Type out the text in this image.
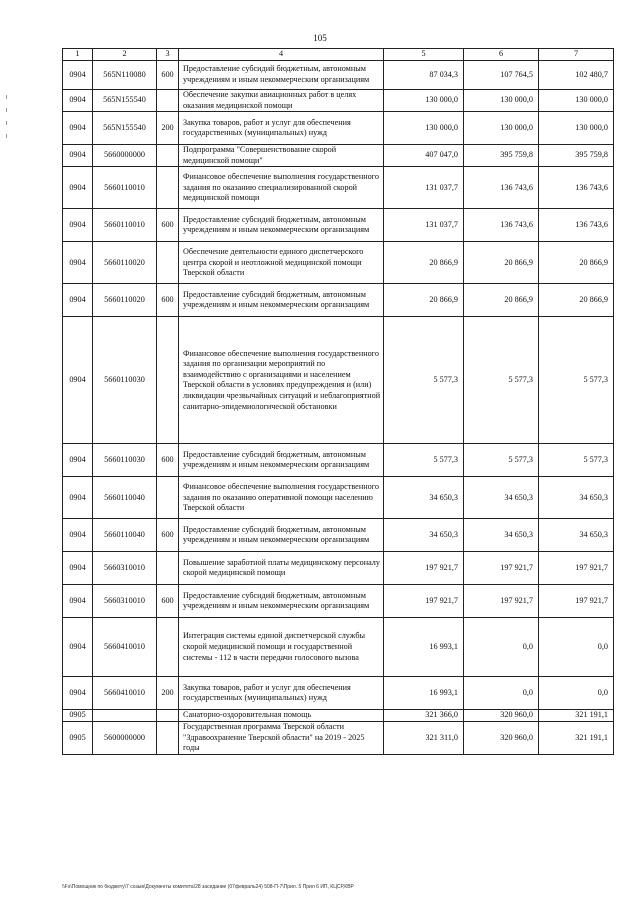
105
1	2	3	4	5	6	7
0904	565N110080	600	Предоставление субсидий бюджетным, автономным учреждениям и иным некоммерческим организациям	87 034,3	107 764,5	102 480,7
0904	565N155540		Обеспечение закупки авиационных работ в целях оказания медицинской помощи	130 000,0	130 000,0	130 000,0
0904	565N155540	200	Закупка товаров, работ и услуг для обеспечения государственных (муниципальных) нужд	130 000,0	130 000,0	130 000,0
0904	5660000000		Подпрограмма "Совершенствование скорой медицинской помощи"	407 047,0	395 759,8	395 759,8
0904	5660110010		Финансовое обеспечение выполнения государственного задания по оказанию специализированной скорой медицинской помощи	131 037,7	136 743,6	136 743,6
0904	5660110010	600	Предоставление субсидий бюджетным, автономным учреждениям и иным некоммерческим организациям	131 037,7	136 743,6	136 743,6
0904	5660110020		Обеспечение деятельности единого диспетчерского центра скорой и неотложной медицинской помощи Тверской области	20 866,9	20 866,9	20 866,9
0904	5660110020	600	Предоставление субсидий бюджетным, автономным учреждениям и иным некоммерческим организациям	20 866,9	20 866,9	20 866,9
0904	5660110030		Финансовое обеспечение выполнения государственного задания по организации мероприятий по взаимодействию с организациями и населением Тверской области в условиях предупреждения и (или) ликвидации чрезвычайных ситуаций и неблагоприятной санитарно-эпидемиологической обстановки	5 577,3	5 577,3	5 577,3
0904	5660110030	600	Предоставление субсидий бюджетным, автономным учреждениям и иным некоммерческим организациям	5 577,3	5 577,3	5 577,3
0904	5660110040		Финансовое обеспечение выполнения государственного задания по оказанию оперативной помощи населению Тверской области	34 650,3	34 650,3	34 650,3
0904	5660110040	600	Предоставление субсидий бюджетным, автономным учреждениям и иным некоммерческим организациям	34 650,3	34 650,3	34 650,3
0904	5660310010		Повышение заработной платы медицинскому персоналу скорой медицинской помощи	197 921,7	197 921,7	197 921,7
0904	5660310010	600	Предоставление субсидий бюджетным, автономным учреждениям и иным некоммерческим организациям	197 921,7	197 921,7	197 921,7
0904	5660410010		Интеграция системы единой диспетчерской службы скорой медицинской помощи и государственной системы - 112 в части передачи голосового вызова	16 993,1	0,0	0,0
0904	5660410010	200	Закупка товаров, работ и услуг для обеспечения государственных (муниципальных) нужд	16 993,1	0,0	0,0
0905			Санаторно-оздоровительная помощь	321 366,0	320 960,0	321 191,1
0905	5600000000		Государственная программа Тверской области "Здравоохранение Тверской области" на 2019 - 2025 годы	321 311,0	320 960,0	321 191,1
\\Fs\Помощник по бюджету\7 созыв\Документы комитета\28 заседание (07февраль24) 508-П-7\Прил. 5 Прил 6 ИП, КЦСР,КВР
